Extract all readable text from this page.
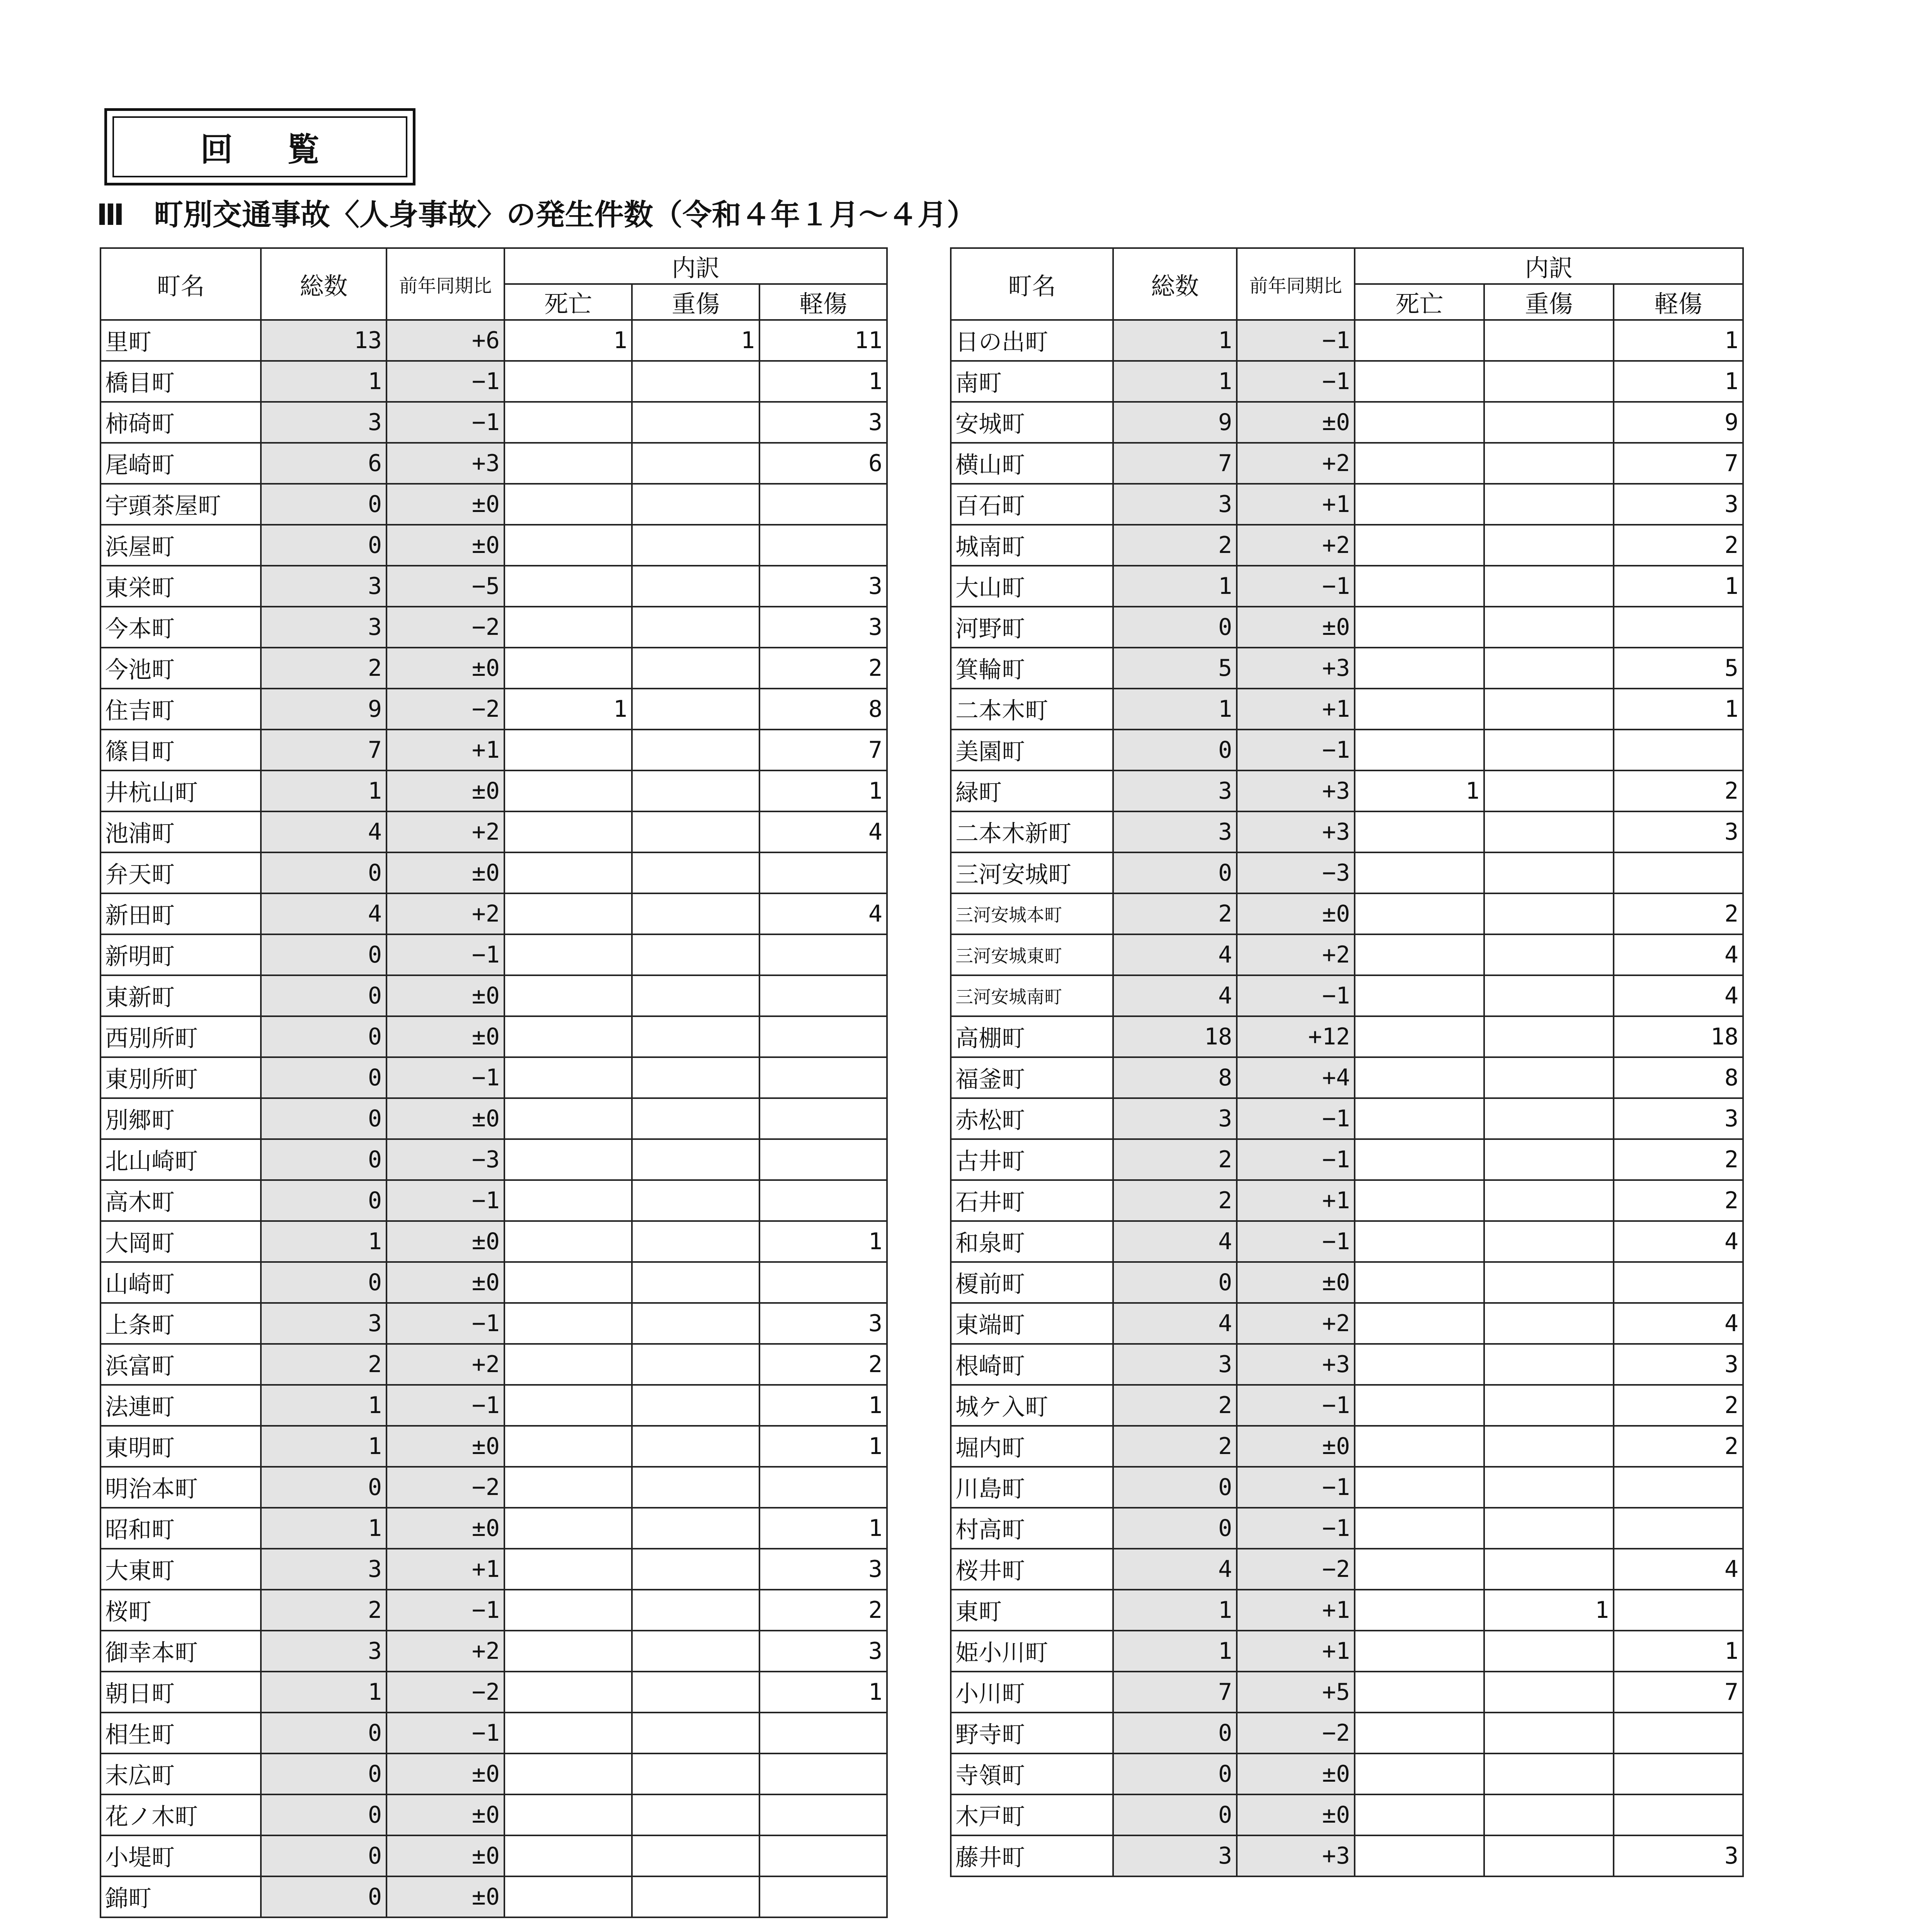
回覧
Ⅲ　町別交通事故〈人身事故〉の発生件数（令和４年１月～４月）
町名	総数	前年同期比	内訳		
			死亡	重傷	軽傷
里町	13	+6	1	1	11
橋目町	1	−1			1
柿碕町	3	−1			3
尾崎町	6	+3			6
宇頭茶屋町	0	±0			
浜屋町	0	±0			
東栄町	3	−5			3
今本町	3	−2			3
今池町	2	±0			2
住吉町	9	−2	1		8
篠目町	7	+1			7
井杭山町	1	±0			1
池浦町	4	+2			4
弁天町	0	±0			
新田町	4	+2			4
新明町	0	−1			
東新町	0	±0			
西別所町	0	±0			
東別所町	0	−1			
別郷町	0	±0			
北山崎町	0	−3			
高木町	0	−1			
大岡町	1	±0			1
山崎町	0	±0			
上条町	3	−1			3
浜富町	2	+2			2
法連町	1	−1			1
東明町	1	±0			1
明治本町	0	−2			
昭和町	1	±0			1
大東町	3	+1			3
桜町	2	−1			2
御幸本町	3	+2			3
朝日町	1	−2			1
相生町	0	−1			
末広町	0	±0			
花ノ木町	0	±0			
小堤町	0	±0			
錦町	0	±0			
町名	総数	前年同期比	内訳		
			死亡	重傷	軽傷
日の出町	1	−1			1
南町	1	−1			1
安城町	9	±0			9
横山町	7	+2			7
百石町	3	+1			3
城南町	2	+2			2
大山町	1	−1			1
河野町	0	±0			
箕輪町	5	+3			5
二本木町	1	+1			1
美園町	0	−1			
緑町	3	+3	1		2
二本木新町	3	+3			3
三河安城町	0	−3			
三河安城本町	2	±0			2
三河安城東町	4	+2			4
三河安城南町	4	−1			4
高棚町	18	+12			18
福釜町	8	+4			8
赤松町	3	−1			3
古井町	2	−1			2
石井町	2	+1			2
和泉町	4	−1			4
榎前町	0	±0			
東端町	4	+2			4
根崎町	3	+3			3
城ケ入町	2	−1			2
堀内町	2	±0			2
川島町	0	−1			
村高町	0	−1			
桜井町	4	−2			4
東町	1	+1		1	
姫小川町	1	+1			1
小川町	7	+5			7
野寺町	0	−2			
寺領町	0	±0			
木戸町	0	±0			
藤井町	3	+3			3
